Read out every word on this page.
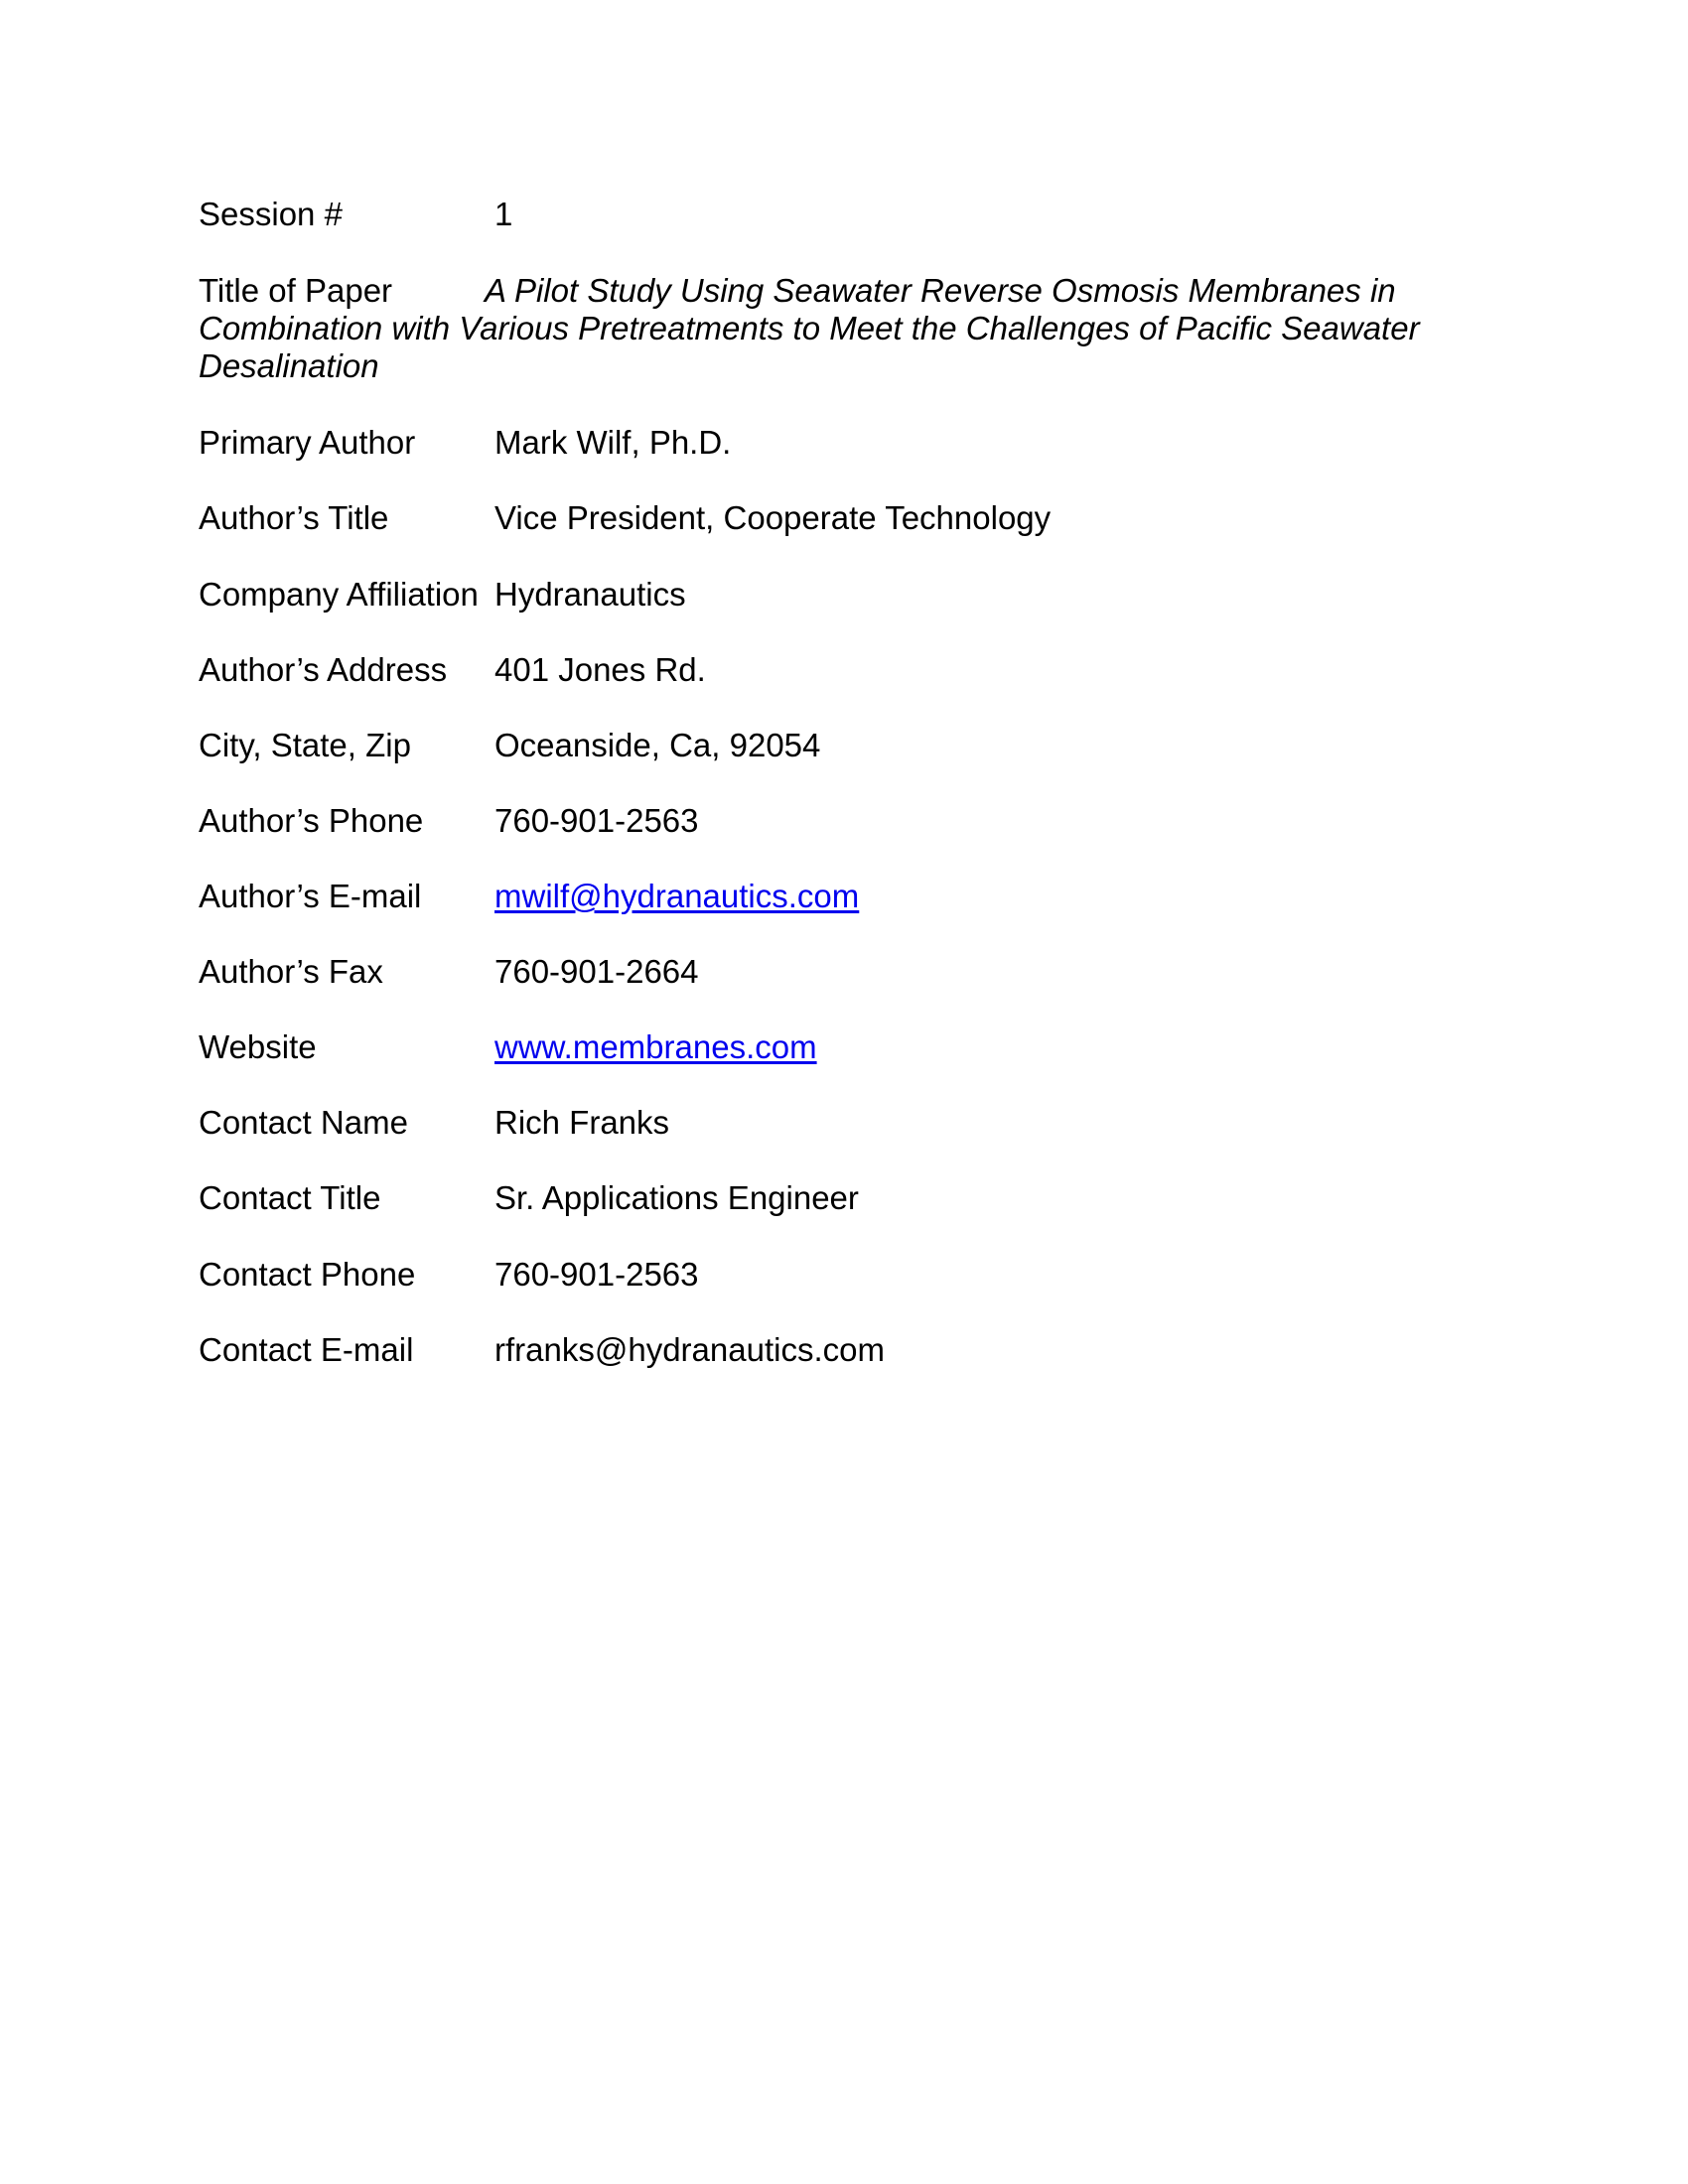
Session #	1
Title of Paper	A Pilot Study Using Seawater Reverse Osmosis Membranes in
Combination with Various Pretreatments to Meet the Challenges of Pacific Seawater
Desalination
Primary Author Mark Wilf, Ph.D.
Author’s Title	Vice President, Cooperate Technology
Company Affiliation Hydranautics
Author’s Address 401 Jones Rd.
City, State, Zip	Oceanside, Ca, 92054
Author’s Phone 760-901-2563
Author’s E-mail mwilf@hydranautics.com
Author’s Fax	760-901-2664
Website	www.membranes.com
Contact Name	Rich Franks
Contact Title	Sr. Applications Engineer
Contact Phone 760-901-2563
Contact E-mail rfranks@hydranautics.com
